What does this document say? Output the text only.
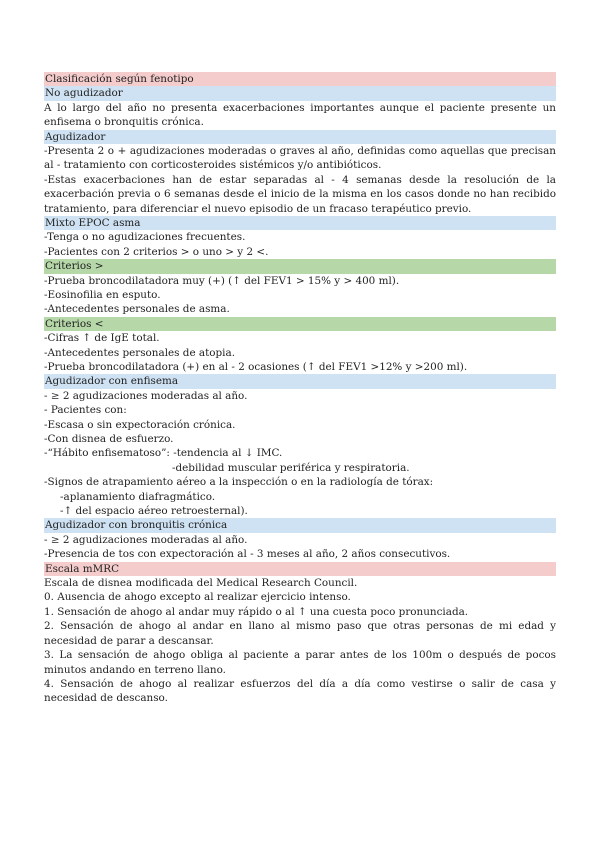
Clasificación según fenotipo
No agudizador

A lo largo del año no presenta exacerbaciones importantes aunque el paciente presente un enfisema o bronquitis crónica.

Agudizador

-Presenta 2 o + agudizaciones moderadas o graves al año, definidas como aquellas que precisan al - tratamiento con corticosteroides sistémicos y/o antibióticos.

-Estas exacerbaciones han de estar separadas al - 4 semanas desde la resolución de la exacerbación previa o 6 semanas desde el inicio de la misma en los casos donde no han recibido tratamiento, para diferenciar el nuevo episodio de un fracaso terapéutico previo.

Mixto EPOC asma

-Tenga o no agudizaciones frecuentes.

-Pacientes con 2 criterios > o uno > y 2 <.

Criterios >

-Prueba broncodilatadora muy (+) (↑ del FEV1 > 15% y > 400 ml).

-Eosinofilia en esputo.

-Antecedentes personales de asma.

Criterios <

-Cifras ↑ de IgE total.

-Antecedentes personales de atopia.

-Prueba broncodilatadora (+) en al - 2 ocasiones (↑ del FEV1 >12% y >200 ml).

Agudizador con enfisema

- ≥ 2 agudizaciones moderadas al año.

- Pacientes con:

-Escasa o sin expectoración crónica.

-Con disnea de esfuerzo.

-“Hábito enfisematoso”: -tendencia al ↓ IMC.

-debilidad muscular periférica y respiratoria.

-Signos de atrapamiento aéreo a la inspección o en la radiología de tórax:

-aplanamiento diafragmático.

-↑ del espacio aéreo retroesternal).

Agudizador con bronquitis crónica

- ≥ 2 agudizaciones moderadas al año.

-Presencia de tos con expectoración al - 3 meses al año, 2 años consecutivos.

Escala mMRC

Escala de disnea modificada del Medical Research Council.

0. Ausencia de ahogo excepto al realizar ejercicio intenso.

1. Sensación de ahogo al andar muy rápido o al ↑ una cuesta poco pronunciada.

2. Sensación de ahogo al andar en llano al mismo paso que otras personas de mi edad y necesidad de parar a descansar.

3. La sensación de ahogo obliga al paciente a parar antes de los 100m o después de pocos minutos andando en terreno llano.

4. Sensación de ahogo al realizar esfuerzos del día a día como vestirse o salir de casa y necesidad de descanso.
